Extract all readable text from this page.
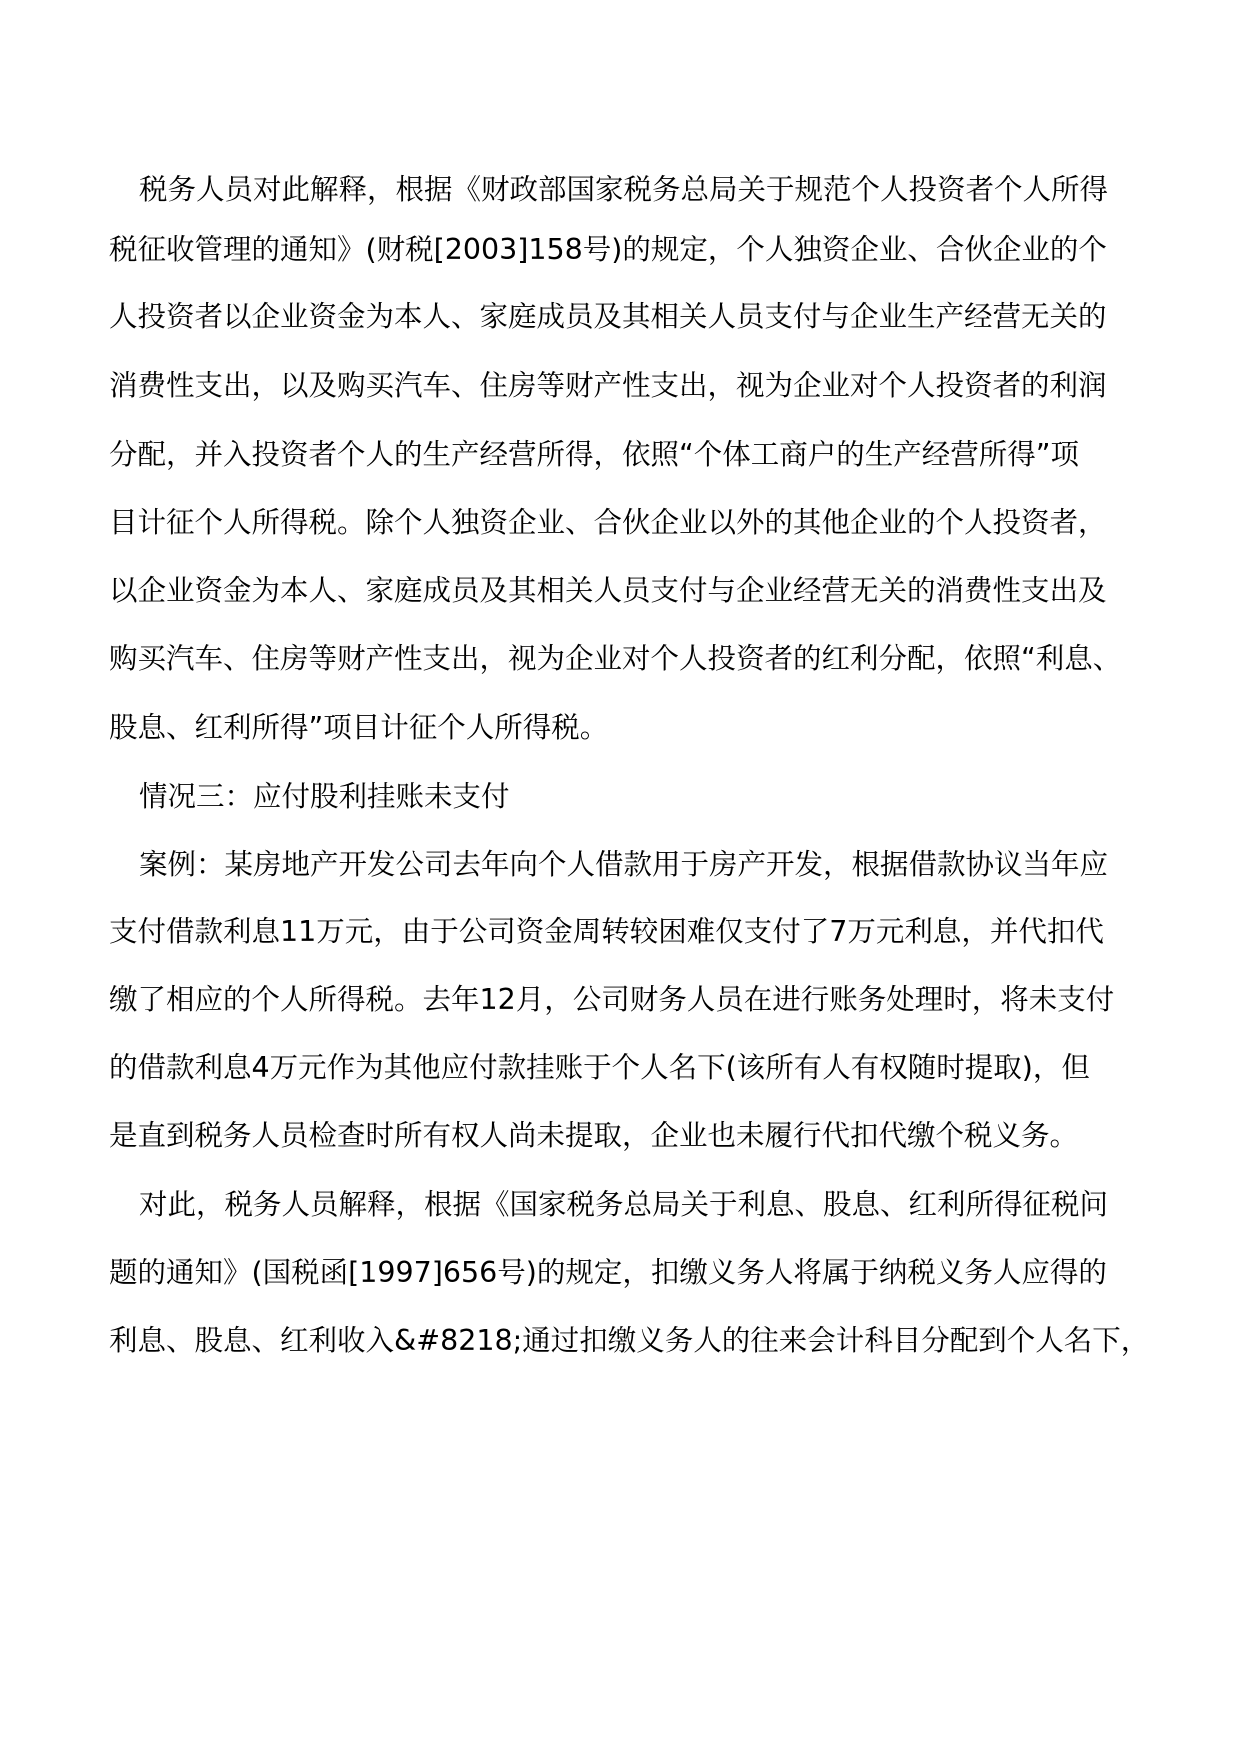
税务人员对此解释，根据《财政部国家税务总局关于规范个人投资者个人所得
税征收管理的通知》(财税[2003]158号)的规定，个人独资企业、合伙企业的个
人投资者以企业资金为本人、家庭成员及其相关人员支付与企业生产经营无关的
消费性支出，以及购买汽车、住房等财产性支出，视为企业对个人投资者的利润
分配，并入投资者个人的生产经营所得，依照“个体工商户的生产经营所得”项
目计征个人所得税。除个人独资企业、合伙企业以外的其他企业的个人投资者，
以企业资金为本人、家庭成员及其相关人员支付与企业经营无关的消费性支出及
购买汽车、住房等财产性支出，视为企业对个人投资者的红利分配，依照“利息、
股息、红利所得”项目计征个人所得税。
情况三：应付股利挂账未支付
案例：某房地产开发公司去年向个人借款用于房产开发，根据借款协议当年应
支付借款利息11万元，由于公司资金周转较困难仅支付了7万元利息，并代扣代
缴了相应的个人所得税。去年12月，公司财务人员在进行账务处理时，将未支付
的借款利息4万元作为其他应付款挂账于个人名下(该所有人有权随时提取)，但
是直到税务人员检查时所有权人尚未提取，企业也未履行代扣代缴个税义务。
对此，税务人员解释，根据《国家税务总局关于利息、股息、红利所得征税问
题的通知》(国税函[1997]656号)的规定，扣缴义务人将属于纳税义务人应得的
利息、股息、红利收入&#8218;通过扣缴义务人的往来会计科目分配到个人名下，
